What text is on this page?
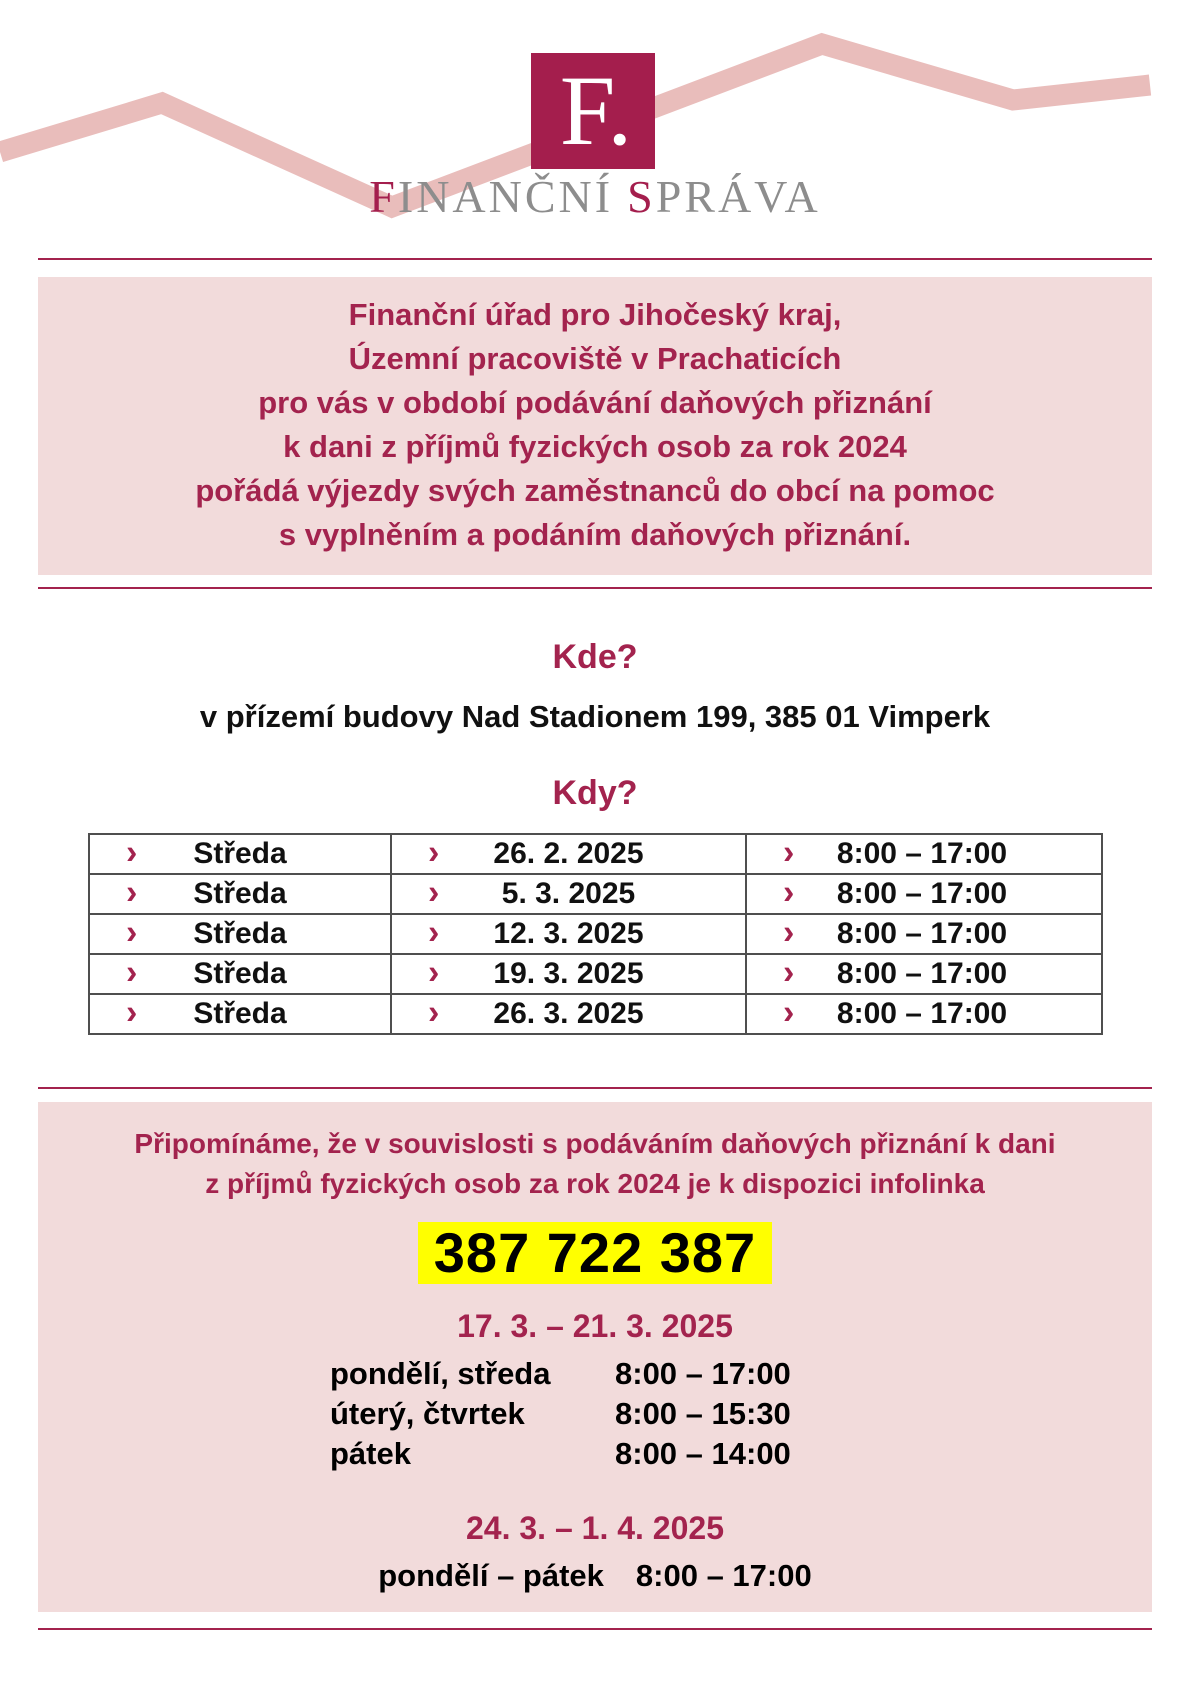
F.
FINANČNÍ SPRÁVA
Finanční úřad pro Jihočeský kraj,
Územní pracoviště v Prachaticích
pro vás v období podávání daňových přiznání
k dani z příjmů fyzických osob za rok 2024
pořádá výjezdy svých zaměstnanců do obcí na pomoc
s vyplněním a podáním daňových přiznání.
Kde?
v přízemí budovy Nad Stadionem 199, 385 01 Vimperk
Kdy?
› Středa	› 26. 2. 2025	› 8:00 – 17:00
› Středa	› 5. 3. 2025	› 8:00 – 17:00
› Středa	› 12. 3. 2025	› 8:00 – 17:00
› Středa	› 19. 3. 2025	› 8:00 – 17:00
› Středa	› 26. 3. 2025	› 8:00 – 17:00
Připomínáme, že v souvislosti s podáváním daňových přiznání k dani
z příjmů fyzických osob za rok 2024 je k dispozici infolinka
387 722 387
17. 3. – 21. 3. 2025
pondělí, středa	8:00 – 17:00
úterý, čtvrtek	8:00 – 15:30
pátek	8:00 – 14:00
24. 3. – 1. 4. 2025
pondělí – pátek 8:00 – 17:00
